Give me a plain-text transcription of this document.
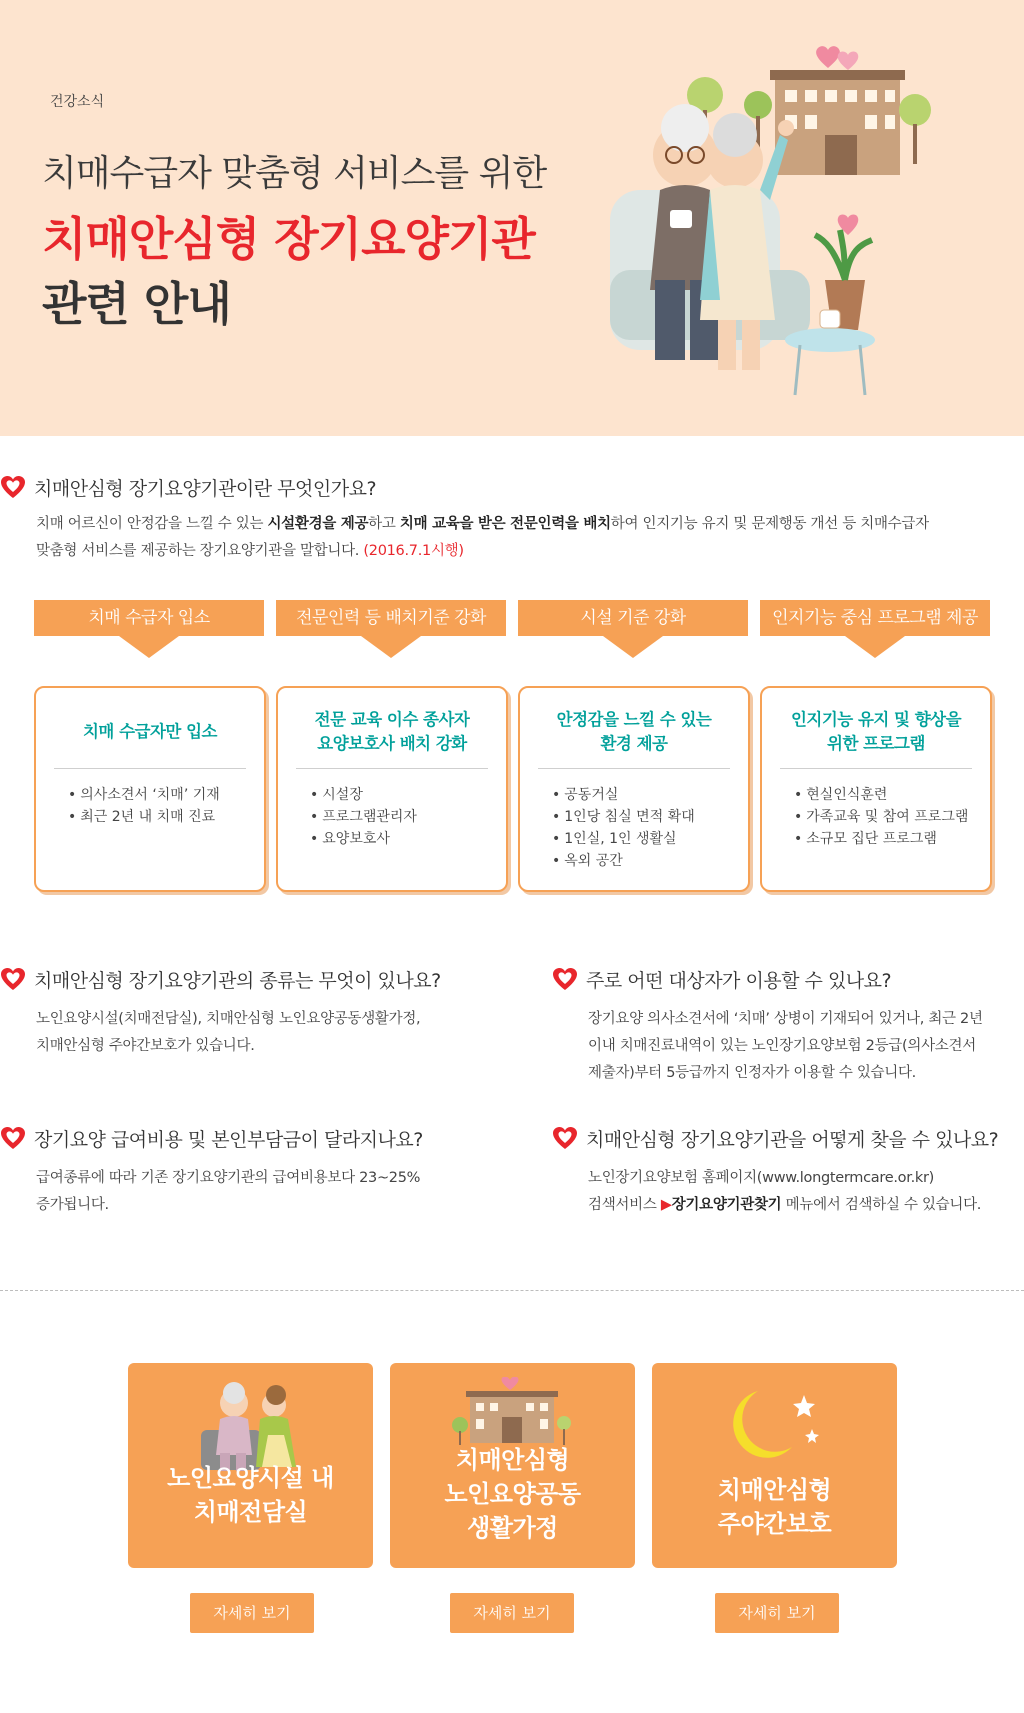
건강소식
치매수급자 맞춤형 서비스를 위한
치매안심형 장기요양기관
관련 안내
치매안심형 장기요양기관이란 무엇인가요?
치매 어르신이 안정감을 느낄 수 있는 시설환경을 제공하고 치매 교육을 받은 전문인력을 배치하여 인지기능 유지 및 문제행동 개선 등 치매수급자
맞춤형 서비스를 제공하는 장기요양기관을 말합니다. (2016.7.1시행)
치매 수급자 입소	전문인력 등 배치기준 강화	시설 기준 강화	인지기능 중심 프로그램 제공
치매 수급자만 입소
• 의사소견서 ‘치매’ 기재
• 최근 2년 내 치매 진료
전문 교육 이수 종사자
요양보호사 배치 강화
• 시설장
• 프로그램관리자
• 요양보호사
안정감을 느낄 수 있는
환경 제공
• 공동거실
• 1인당 침실 면적 확대
• 1인실, 1인 생활실
• 옥외 공간
인지기능 유지 및 향상을
위한 프로그램
• 현실인식훈련
• 가족교육 및 참여 프로그램
• 소규모 집단 프로그램
치매안심형 장기요양기관의 종류는 무엇이 있나요?
노인요양시설(치매전담실), 치매안심형 노인요양공동생활가정,
치매안심형 주야간보호가 있습니다.
주로 어떤 대상자가 이용할 수 있나요?
장기요양 의사소견서에 ‘치매’ 상병이 기재되어 있거나, 최근 2년
이내 치매진료내역이 있는 노인장기요양보험 2등급(의사소견서
제출자)부터 5등급까지 인정자가 이용할 수 있습니다.
장기요양 급여비용 및 본인부담금이 달라지나요?
급여종류에 따라 기존 장기요양기관의 급여비용보다 23~25%
증가됩니다.
치매안심형 장기요양기관을 어떻게 찾을 수 있나요?
노인장기요양보험 홈페이지(www.longtermcare.or.kr)
검색서비스 ▶장기요양기관찾기 메뉴에서 검색하실 수 있습니다.
노인요양시설 내
치매전담실
치매안심형
노인요양공동
생활가정
치매안심형
주야간보호
자세히 보기	자세히 보기	자세히 보기
